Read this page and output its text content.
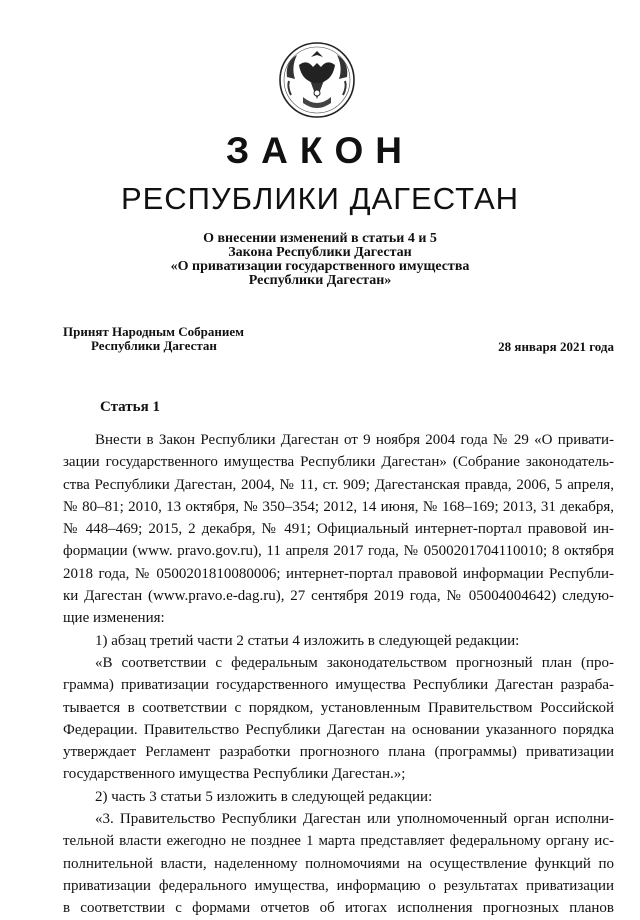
ЗАКОН
РЕСПУБЛИКИ ДАГЕСТАН
О внесении изменений в статьи 4 и 5
Закона Республики Дагестан
«О приватизации государственного имущества
Республики Дагестан»
Принят Народным Собранием
Республики Дагестан	28 января 2021 года
Статья 1
Внести в Закон Республики Дагестан от 9 ноября 2004 года № 29 «О привати-
зации государственного имущества Республики Дагестан» (Собрание законодатель-
ства Республики Дагестан, 2004, № 11, ст. 909; Дагестанская правда, 2006, 5 апреля,
№ 80–81; 2010, 13 октября, № 350–354; 2012, 14 июня, № 168–169; 2013, 31 декабря,
№ 448–469; 2015, 2 декабря, № 491; Официальный интернет-портал правовой ин-
формации (www. pravo.gov.ru), 11 апреля 2017 года, № 0500201704110010; 8 октября
2018 года, № 0500201810080006; интернет-портал правовой информации Республи-
ки Дагестан (www.pravo.e-dag.ru), 27 сентября 2019 года, № 05004004642) следую-
щие изменения:
1) абзац третий части 2 статьи 4 изложить в следующей редакции:
«В соответствии с федеральным законодательством прогнозный план (про-
грамма) приватизации государственного имущества Республики Дагестан разраба-
тывается в соответствии с порядком, установленным Правительством Российской
Федерации. Правительство Республики Дагестан на основании указанного порядка
утверждает Регламент разработки прогнозного плана (программы) приватизации
государственного имущества Республики Дагестан.»;
2) часть 3 статьи 5 изложить в следующей редакции:
«3. Правительство Республики Дагестан или уполномоченный орган исполни-
тельной власти ежегодно не позднее 1 марта представляет федеральному органу ис-
полнительной власти, наделенному полномочиями на осуществление функций по
приватизации федерального имущества, информацию о результатах приватизации
в соответствии с формами отчетов об итогах исполнения прогнозных планов
